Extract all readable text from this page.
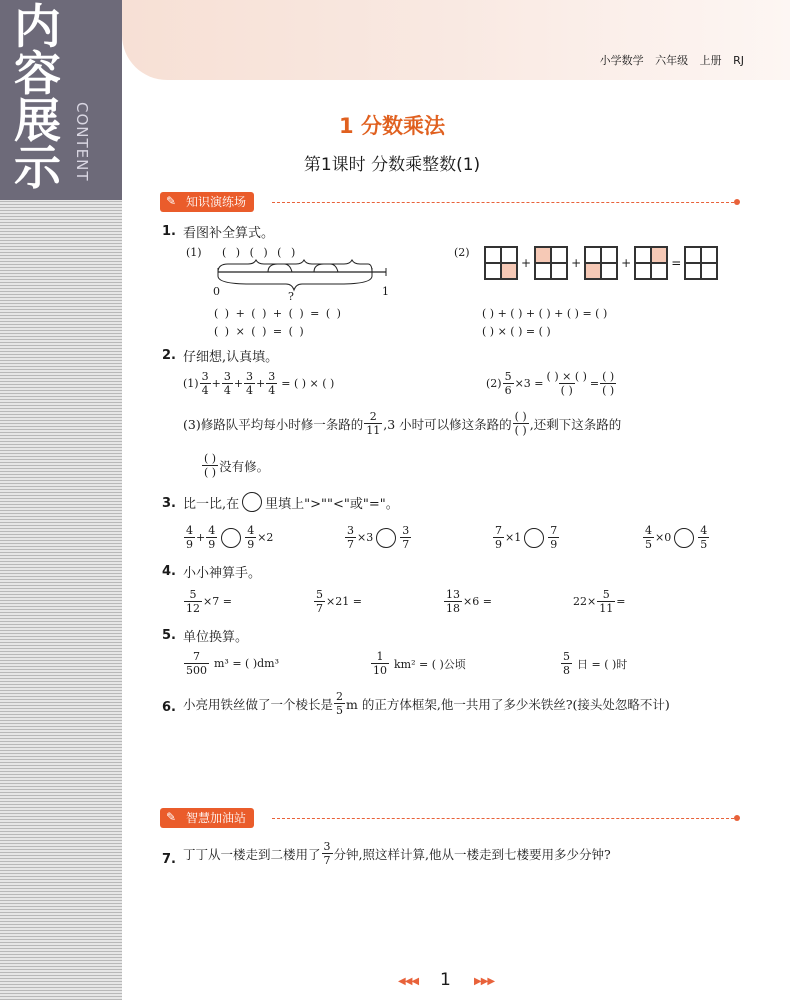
内
容
展
示 CONTENT
小学数学 六年级 上册 RJ
1 分数乘法
第1课时 分数乘整数(1)
知识演练场
✎
1. 看图补全算式。
(1) ( ) ( ) ( )
0	1
?
( ) + ( ) + ( ) = ( )
( ) × ( ) = ( )
(2)
+	+	+	=
( ) + ( ) + ( ) + ( ) = ( )
( ) × ( ) = ( )
2. 仔细想,认真填。
$(1) \frac{3}{4} + \frac{3}{4} + \frac{3}{4} + \frac{3}{4}$ = ( ) × ( )	$(2) \frac{5}{6} \times 3 = \frac{( ) \times ( )}{( )} = \frac{( )}{( )}$
(3)修路队平均每小时修一条路的 $\frac{2}{11} ,3$ 小时可以修这条路的 $\frac{( )}{( )}$ ,还剩下这条路的
$\frac{( )}{( )}$ 没有修。
3. 比一比,在 里填上">""<"或"="。
$\frac{4}{9} + \frac{4}{9}$	$\frac{4}{9} \times 2$	$\frac{3}{7} \times 3 \frac{3}{7}$	$\frac{7}{9} \times 1 \frac{7}{9}$	$\frac{4}{5} \times 0 \frac{4}{5}$
4. 小小神算手。
$\frac{5}{12} \times 7$ =	$\frac{5}{7} \times 21$ =	$\frac{13}{18} \times 6$ =	$22\times \frac{5}{11}$ =
5. 单位换算。
$\frac{7}{500} m^3$ = ( )dm³	$\frac{1}{10} km^2$ = ( )公顷	$\frac{5}{8}$ 日 = ( )时
6. 小亮用铁丝做了一个棱长是 $\frac{2}{5}$ m 的正方体框架,他一共用了多少米铁丝?(接头处忽略不计)
智慧加油站
✎
7. 丁丁从一楼走到二楼用了 $\frac{3}{7}$ 分钟,照这样计算,他从一楼走到七楼要用多少分钟?
◀◀◀ 1 ▶▶▶
